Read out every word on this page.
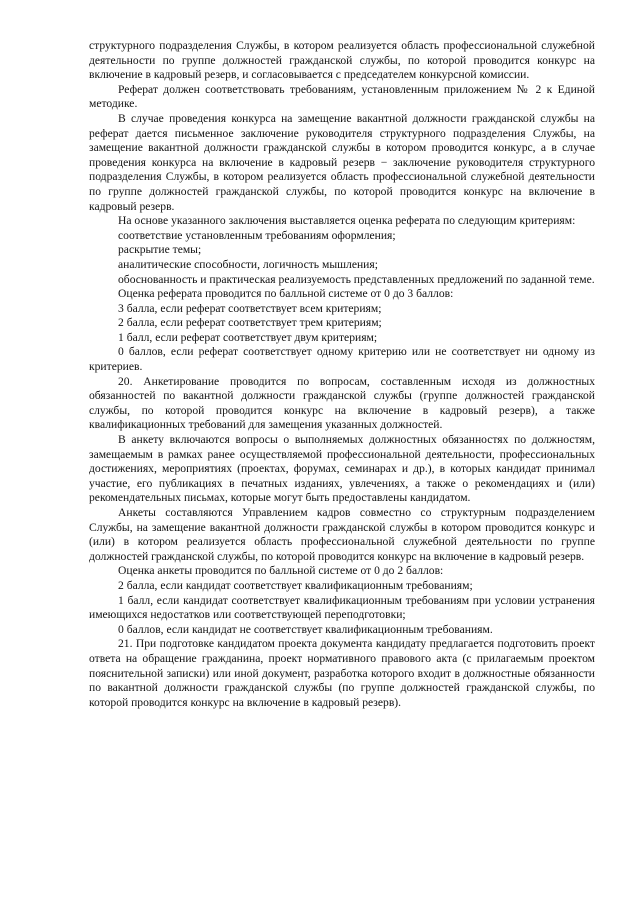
структурного подразделения Службы, в котором реализуется область профессиональной служебной деятельности по группе должностей гражданской службы, по которой проводится конкурс на включение в кадровый резерв, и согласовывается с председателем конкурсной комиссии.

Реферат должен соответствовать требованиям, установленным приложением № 2 к Единой методике.

В случае проведения конкурса на замещение вакантной должности гражданской службы на реферат дается письменное заключение руководителя структурного подразделения Службы, на замещение вакантной должности гражданской службы в котором проводится конкурс, а в случае проведения конкурса на включение в кадровый резерв − заключение руководителя структурного подразделения Службы, в котором реализуется область профессиональной служебной деятельности по группе должностей гражданской службы, по которой проводится конкурс на включение в кадровый резерв.

На основе указанного заключения выставляется оценка реферата по следующим критериям:

соответствие установленным требованиям оформления;

раскрытие темы;

аналитические способности, логичность мышления;

обоснованность и практическая реализуемость представленных предложений по заданной теме.

Оценка реферата проводится по балльной системе от 0 до 3 баллов:

3 балла, если реферат соответствует всем критериям;

2 балла, если реферат соответствует трем критериям;

1 балл, если реферат соответствует двум критериям;

0 баллов, если реферат соответствует одному критерию или не соответствует ни одному из критериев.

20. Анкетирование проводится по вопросам, составленным исходя из должностных обязанностей по вакантной должности гражданской службы (группе должностей гражданской службы, по которой проводится конкурс на включение в кадровый резерв), а также квалификационных требований для замещения указанных должностей.

В анкету включаются вопросы о выполняемых должностных обязанностях по должностям, замещаемым в рамках ранее осуществляемой профессиональной деятельности, профессиональных достижениях, мероприятиях (проектах, форумах, семинарах и др.), в которых кандидат принимал участие, его публикациях в печатных изданиях, увлечениях, а также о рекомендациях и (или) рекомендательных письмах, которые могут быть предоставлены кандидатом.

Анкеты составляются Управлением кадров совместно со структурным подразделением Службы, на замещение вакантной должности гражданской службы в котором проводится конкурс и (или) в котором реализуется область профессиональной служебной деятельности по группе должностей гражданской службы, по которой проводится конкурс на включение в кадровый резерв.

Оценка анкеты проводится по балльной системе от 0 до 2 баллов:

2 балла, если кандидат соответствует квалификационным требованиям;

1 балл, если кандидат соответствует квалификационным требованиям при условии устранения имеющихся недостатков или соответствующей переподготовки;

0 баллов, если кандидат не соответствует квалификационным требованиям.

21. При подготовке кандидатом проекта документа кандидату предлагается подготовить проект ответа на обращение гражданина, проект нормативного правового акта (с прилагаемым проектом пояснительной записки) или иной документ, разработка которого входит в должностные обязанности по вакантной должности гражданской службы (по группе должностей гражданской службы, по которой проводится конкурс на включение в кадровый резерв).
